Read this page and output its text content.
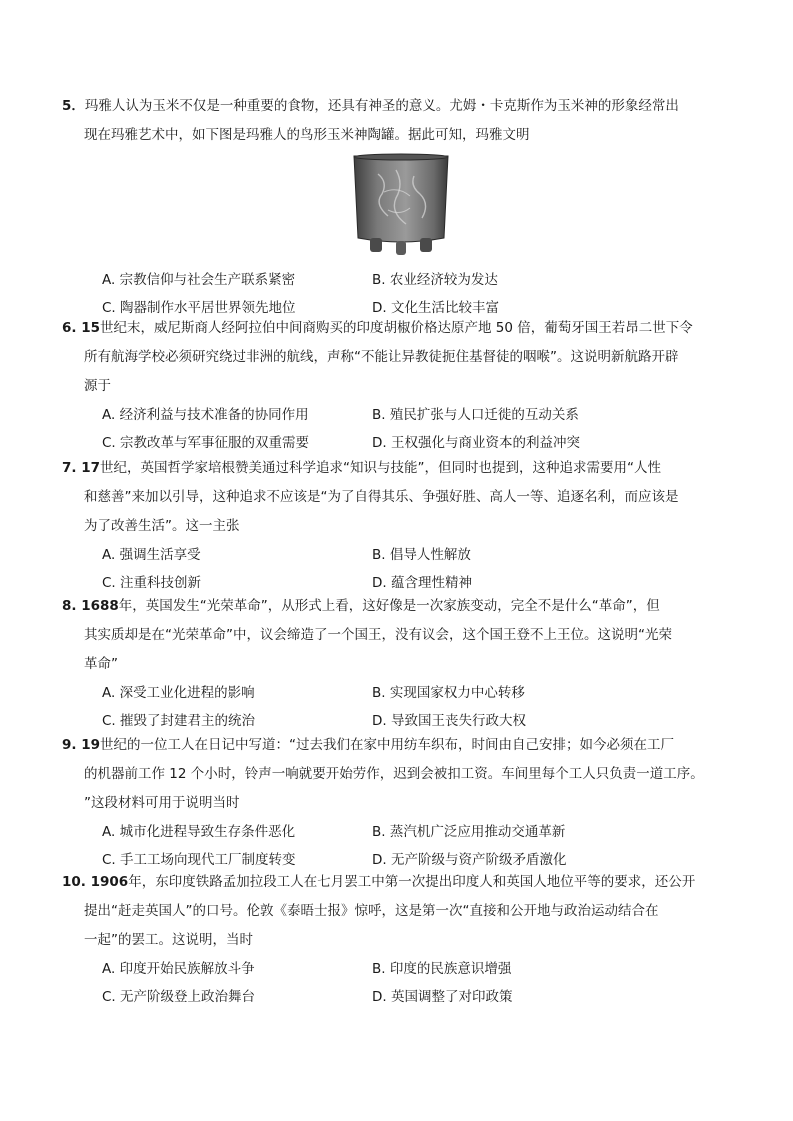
5．玛雅人认为玉米不仅是一种重要的食物，还具有神圣的意义。尤姆・卡克斯作为玉米神的形象经常出
现在玛雅艺术中，如下图是玛雅人的鸟形玉米神陶罐。据此可知，玛雅文明
A. 宗教信仰与社会生产联系紧密	B. 农业经济较为发达
C. 陶器制作水平居世界领先地位	D. 文化生活比较丰富
6. 15世纪末，威尼斯商人经阿拉伯中间商购买的印度胡椒价格达原产地 50 倍，葡萄牙国王若昂二世下令
所有航海学校必须研究绕过非洲的航线，声称“不能让异教徒扼住基督徒的咽喉”。这说明新航路开辟
源于
A. 经济利益与技术准备的协同作用	B. 殖民扩张与人口迁徙的互动关系
C. 宗教改革与军事征服的双重需要	D. 王权强化与商业资本的利益冲突
7. 17世纪，英国哲学家培根赞美通过科学追求“知识与技能”，但同时也提到，这种追求需要用“人性
和慈善”来加以引导，这种追求不应该是“为了自得其乐、争强好胜、高人一等、追逐名利，而应该是
为了改善生活”。这一主张
A. 强调生活享受	B. 倡导人性解放
C. 注重科技创新	D. 蕴含理性精神
8. 1688年，英国发生“光荣革命”，从形式上看，这好像是一次家族变动，完全不是什么“革命”，但
其实质却是在“光荣革命”中，议会缔造了一个国王，没有议会，这个国王登不上王位。这说明“光荣
革命”
A. 深受工业化进程的影响	B. 实现国家权力中心转移
C. 摧毁了封建君主的统治	D. 导致国王丧失行政大权
9. 19世纪的一位工人在日记中写道：“过去我们在家中用纺车织布，时间由自己安排；如今必须在工厂
的机器前工作 12 个小时，铃声一响就要开始劳作，迟到会被扣工资。车间里每个工人只负责一道工序。
”这段材料可用于说明当时
A. 城市化进程导致生存条件恶化	B. 蒸汽机广泛应用推动交通革新
C. 手工工场向现代工厂制度转变	D. 无产阶级与资产阶级矛盾激化
10. 1906年，东印度铁路孟加拉段工人在七月罢工中第一次提出印度人和英国人地位平等的要求，还公开
提出“赶走英国人”的口号。伦敦《泰晤士报》惊呼，这是第一次“直接和公开地与政治运动结合在
一起”的罢工。这说明，当时
A. 印度开始民族解放斗争	B. 印度的民族意识增强
C. 无产阶级登上政治舞台	D. 英国调整了对印政策
